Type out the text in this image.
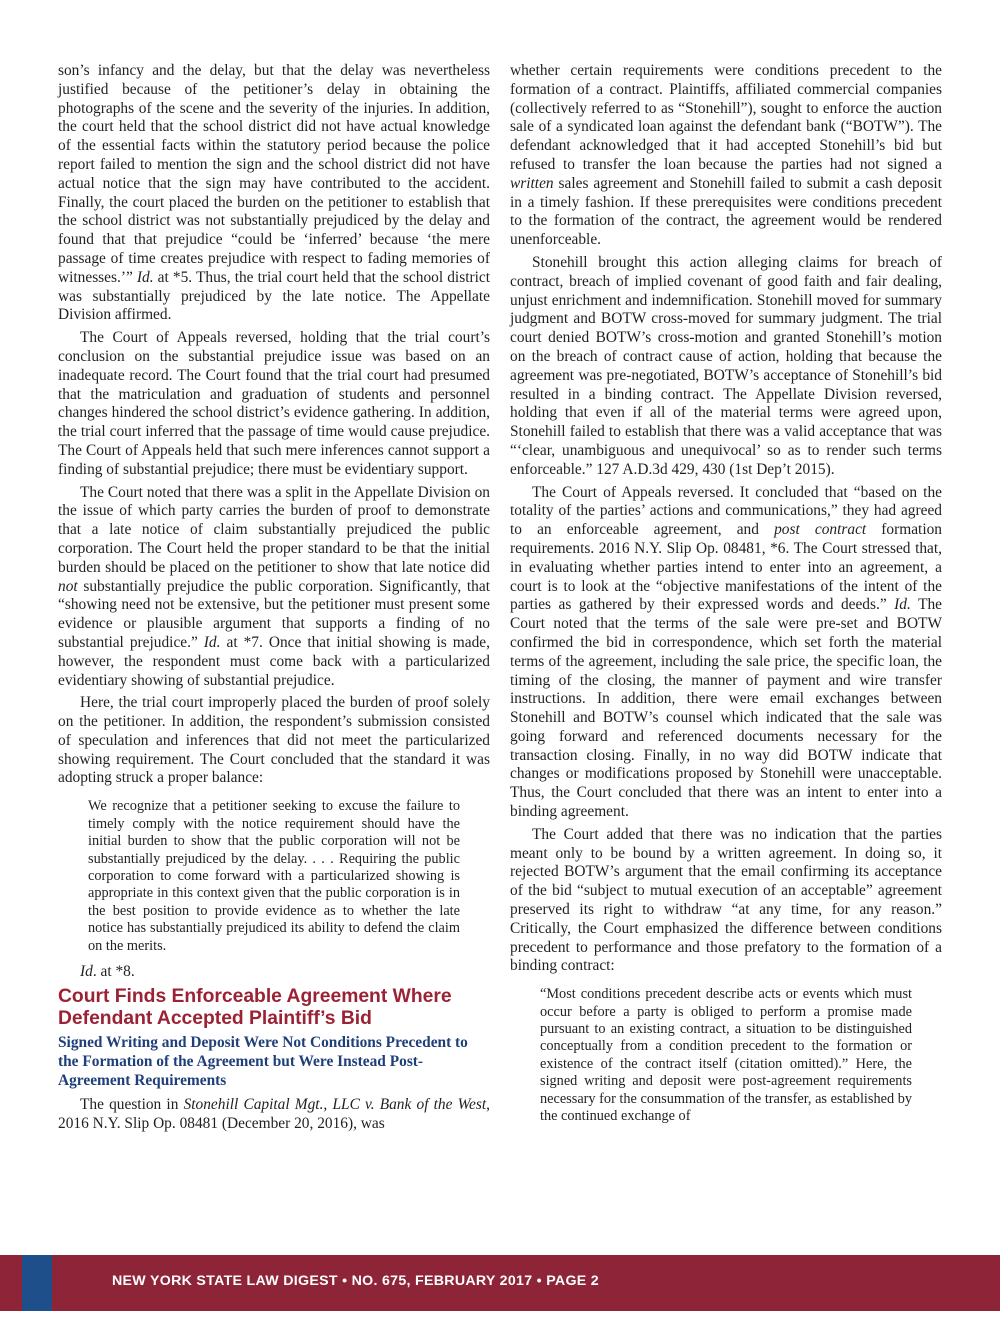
son’s infancy and the delay, but that the delay was nevertheless justified because of the petitioner’s delay in obtaining the photographs of the scene and the severity of the injuries. In addition, the court held that the school district did not have actual knowledge of the essential facts within the statutory period because the police report failed to mention the sign and the school district did not have actual notice that the sign may have contributed to the accident. Finally, the court placed the burden on the petitioner to establish that the school district was not substantially prejudiced by the delay and found that that prejudice “could be ‘inferred’ because ‘the mere passage of time creates prejudice with respect to fading memories of witnesses.’” Id. at *5. Thus, the trial court held that the school district was substantially prejudiced by the late notice. The Appellate Division affirmed.

The Court of Appeals reversed, holding that the trial court’s conclusion on the substantial prejudice issue was based on an inadequate record. The Court found that the trial court had presumed that the matriculation and graduation of students and personnel changes hindered the school district’s evidence gathering. In addition, the trial court inferred that the passage of time would cause prejudice. The Court of Appeals held that such mere inferences cannot support a finding of substantial prejudice; there must be evidentiary support.

The Court noted that there was a split in the Appellate Division on the issue of which party carries the burden of proof to demonstrate that a late notice of claim substantially prejudiced the public corporation. The Court held the proper standard to be that the initial burden should be placed on the petitioner to show that late notice did not substantially prejudice the public corporation. Significantly, that “showing need not be extensive, but the petitioner must present some evidence or plausible argument that supports a finding of no substantial prejudice.” Id. at *7. Once that initial showing is made, however, the respondent must come back with a particularized evidentiary showing of substantial prejudice.

Here, the trial court improperly placed the burden of proof solely on the petitioner. In addition, the respondent’s submission consisted of speculation and inferences that did not meet the particularized showing requirement. The Court concluded that the standard it was adopting struck a proper balance:

We recognize that a petitioner seeking to excuse the failure to timely comply with the notice requirement should have the initial burden to show that the public corporation will not be substantially prejudiced by the delay. . . . Requiring the public corporation to come forward with a particularized showing is appropriate in this context given that the public corporation is in the best position to provide evidence as to whether the late notice has substantially prejudiced its ability to defend the claim on the merits.

Id. at *8.

Court Finds Enforceable Agreement Where Defendant Accepted Plaintiff’s Bid
Signed Writing and Deposit Were Not Conditions Precedent to the Formation of the Agreement but Were Instead Post-Agreement Requirements

The question in Stonehill Capital Mgt., LLC v. Bank of the West, 2016 N.Y. Slip Op. 08481 (December 20, 2016), was

whether certain requirements were conditions precedent to the formation of a contract. Plaintiffs, affiliated commercial companies (collectively referred to as “Stonehill”), sought to enforce the auction sale of a syndicated loan against the defendant bank (“BOTW”). The defendant acknowledged that it had accepted Stonehill’s bid but refused to transfer the loan because the parties had not signed a written sales agreement and Stonehill failed to submit a cash deposit in a timely fashion. If these prerequisites were conditions precedent to the formation of the contract, the agreement would be rendered unenforceable.

Stonehill brought this action alleging claims for breach of contract, breach of implied covenant of good faith and fair dealing, unjust enrichment and indemnification. Stonehill moved for summary judgment and BOTW cross-moved for summary judgment. The trial court denied BOTW’s cross-motion and granted Stonehill’s motion on the breach of contract cause of action, holding that because the agreement was pre-negotiated, BOTW’s acceptance of Stonehill’s bid resulted in a binding contract. The Appellate Division reversed, holding that even if all of the material terms were agreed upon, Stonehill failed to establish that there was a valid acceptance that was “‘clear, unambiguous and unequivocal’ so as to render such terms enforceable.” 127 A.D.3d 429, 430 (1st Dep’t 2015).

The Court of Appeals reversed. It concluded that “based on the totality of the parties’ actions and communications,” they had agreed to an enforceable agreement, and post contract formation requirements. 2016 N.Y. Slip Op. 08481, *6. The Court stressed that, in evaluating whether parties intend to enter into an agreement, a court is to look at the “objective manifestations of the intent of the parties as gathered by their expressed words and deeds.” Id. The Court noted that the terms of the sale were pre-set and BOTW confirmed the bid in correspondence, which set forth the material terms of the agreement, including the sale price, the specific loan, the timing of the closing, the manner of payment and wire transfer instructions. In addition, there were email exchanges between Stonehill and BOTW’s counsel which indicated that the sale was going forward and referenced documents necessary for the transaction closing. Finally, in no way did BOTW indicate that changes or modifications proposed by Stonehill were unacceptable. Thus, the Court concluded that there was an intent to enter into a binding agreement.

The Court added that there was no indication that the parties meant only to be bound by a written agreement. In doing so, it rejected BOTW’s argument that the email confirming its acceptance of the bid “subject to mutual execution of an acceptable” agreement preserved its right to withdraw “at any time, for any reason.” Critically, the Court emphasized the difference between conditions precedent to performance and those prefatory to the formation of a binding contract:

“Most conditions precedent describe acts or events which must occur before a party is obliged to perform a promise made pursuant to an existing contract, a situation to be distinguished conceptually from a condition precedent to the formation or existence of the contract itself (citation omitted).” Here, the signed writing and deposit were post-agreement requirements necessary for the consummation of the transfer, as established by the continued exchange of

NEW YORK STATE LAW DIGEST • NO. 675, FEBRUARY 2017 • PAGE 2
